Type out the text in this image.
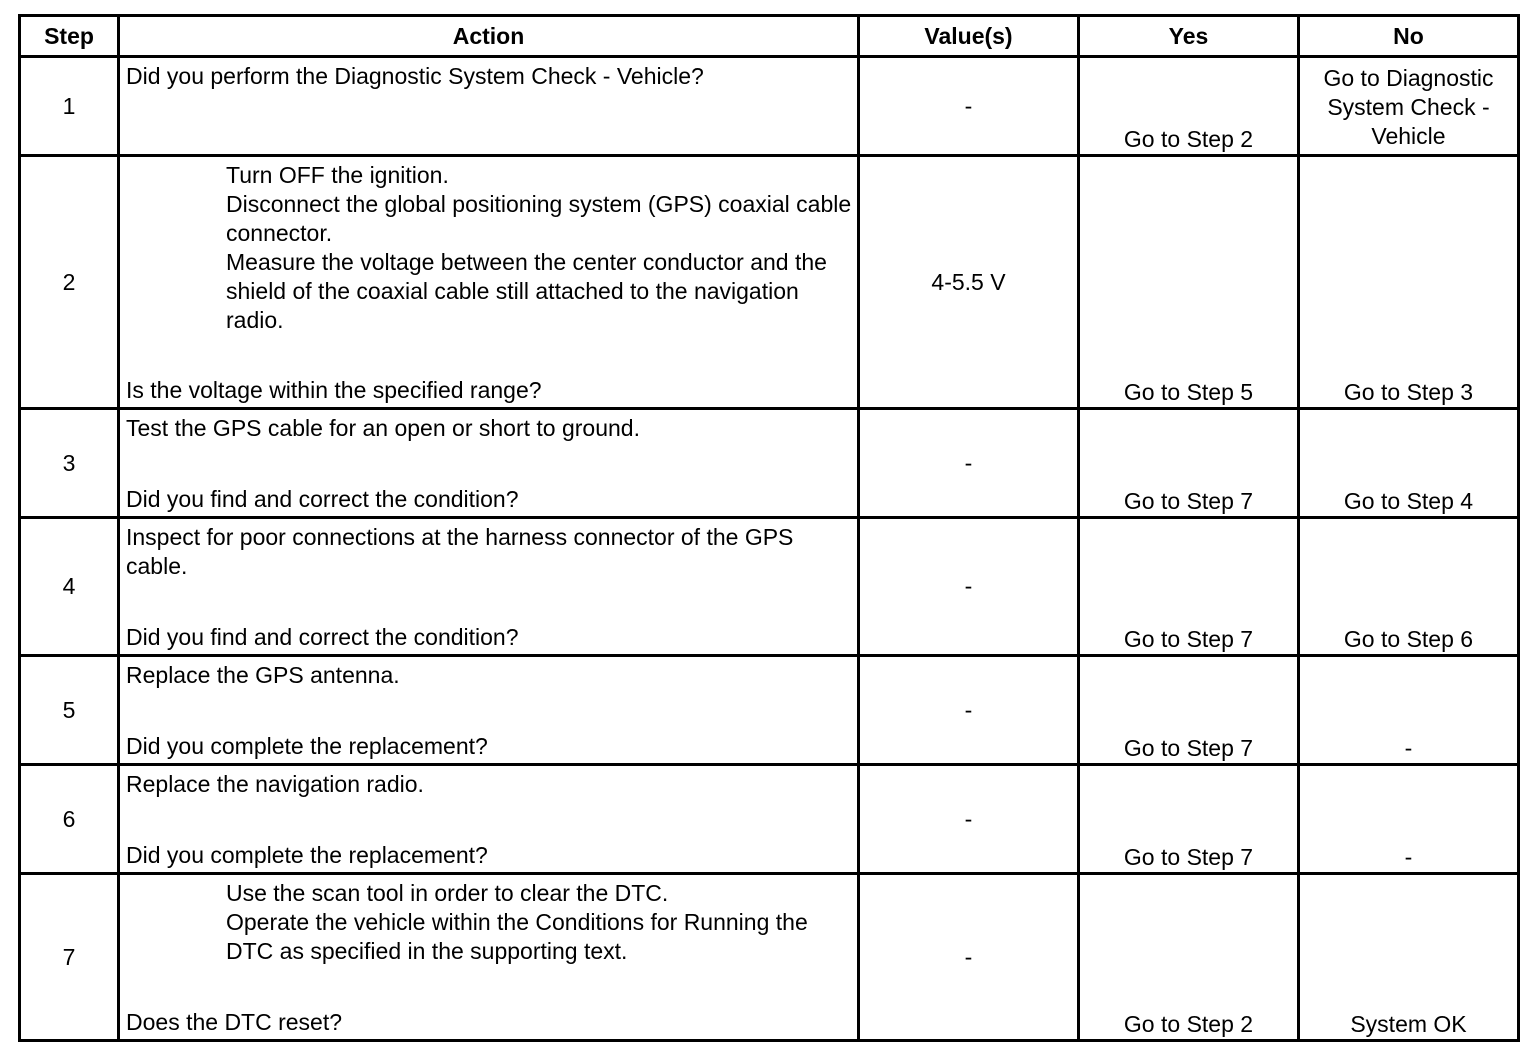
Step	Action	Value(s)	Yes	No
1	Did you perform the Diagnostic System Check - Vehicle?	-	Go to Step 2	Go to Diagnostic System Check - Vehicle
2	Turn OFF the ignition.
Disconnect the global positioning system (GPS) coaxial cable connector.
Measure the voltage between the center conductor and the shield of the coaxial cable still attached to the navigation radio.
Is the voltage within the specified range?	4-5.5 V	Go to Step 5	Go to Step 3
3	Test the GPS cable for an open or short to ground.
Did you find and correct the condition?	-	Go to Step 7	Go to Step 4
4	Inspect for poor connections at the harness connector of the GPS cable.
Did you find and correct the condition?	-	Go to Step 7	Go to Step 6
5	Replace the GPS antenna.
Did you complete the replacement?	-	Go to Step 7	-
6	Replace the navigation radio.
Did you complete the replacement?	-	Go to Step 7	-
7	Use the scan tool in order to clear the DTC.
Operate the vehicle within the Conditions for Running the DTC as specified in the supporting text.
Does the DTC reset?	-	Go to Step 2	System OK
